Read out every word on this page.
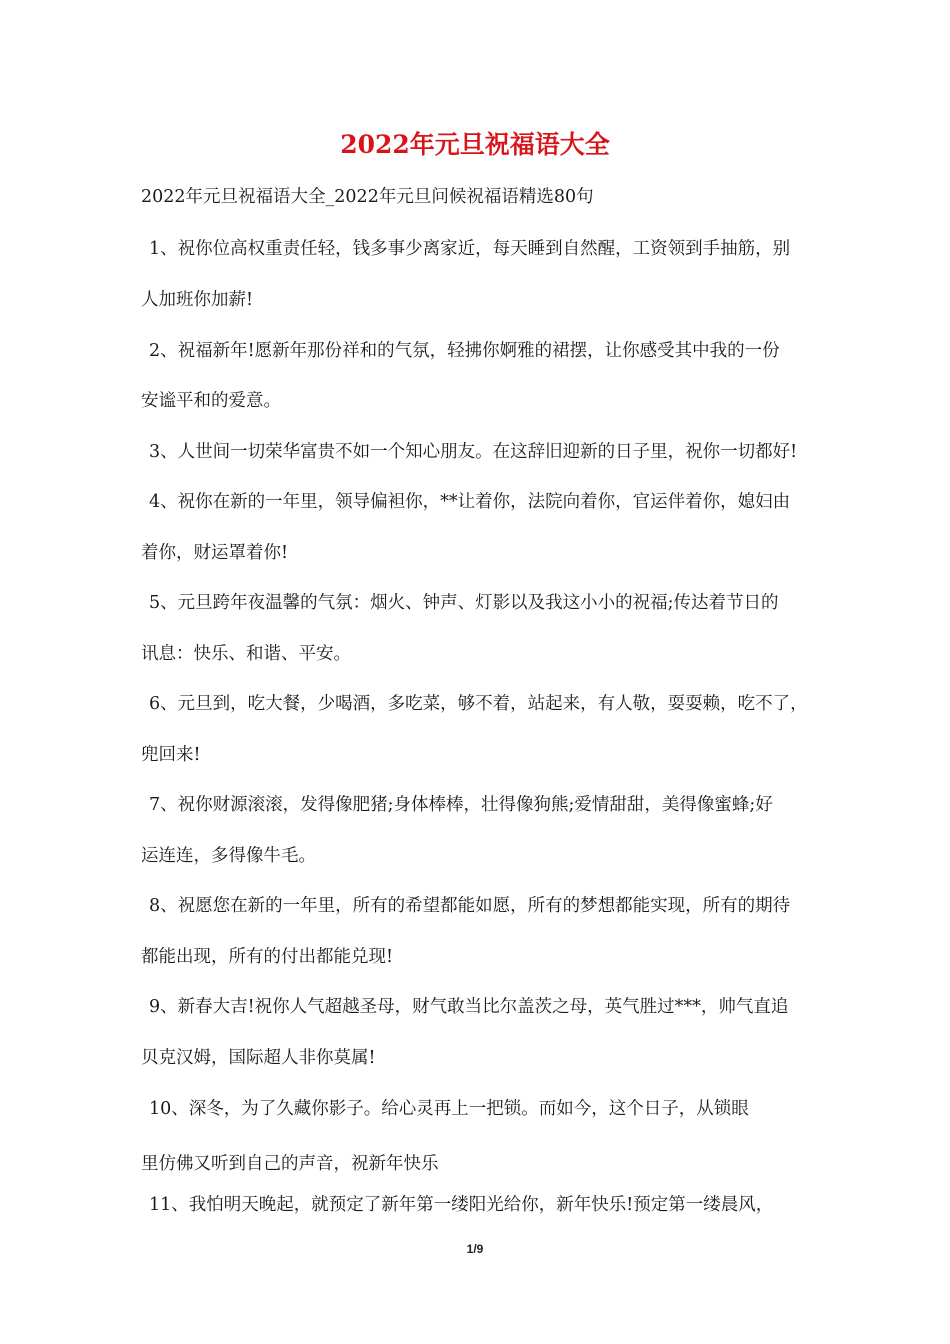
2022年元旦祝福语大全
2022年元旦祝福语大全_2022年元旦问候祝福语精选80句
1、祝你位高权重责任轻，钱多事少离家近，每天睡到自然醒，工资领到手抽筋，别
人加班你加薪!
2、祝福新年!愿新年那份祥和的气氛，轻拂你婀雅的裙摆，让你感受其中我的一份
安谧平和的爱意。
3、人世间一切荣华富贵不如一个知心朋友。在这辞旧迎新的日子里，祝你一切都好!
4、祝你在新的一年里，领导偏袒你，**让着你，法院向着你，官运伴着你，媳妇由
着你，财运罩着你!
5、元旦跨年夜温馨的气氛：烟火、钟声、灯影以及我这小小的祝福;传达着节日的
讯息：快乐、和谐、平安。
6、元旦到，吃大餐，少喝酒，多吃菜，够不着，站起来，有人敬，耍耍赖，吃不了，
兜回来!
7、祝你财源滚滚，发得像肥猪;身体棒棒，壮得像狗熊;爱情甜甜，美得像蜜蜂;好
运连连，多得像牛毛。
8、祝愿您在新的一年里，所有的希望都能如愿，所有的梦想都能实现，所有的期待
都能出现，所有的付出都能兑现!
9、新春大吉!祝你人气超越圣母，财气敢当比尔盖茨之母，英气胜过***，帅气直追
贝克汉姆，国际超人非你莫属!
10、深冬，为了久藏你影子。给心灵再上一把锁。而如今，这个日子，从锁眼
里仿佛又听到自己的声音，祝新年快乐
11、我怕明天晚起，就预定了新年第一缕阳光给你，新年快乐!预定第一缕晨风，
1/9
